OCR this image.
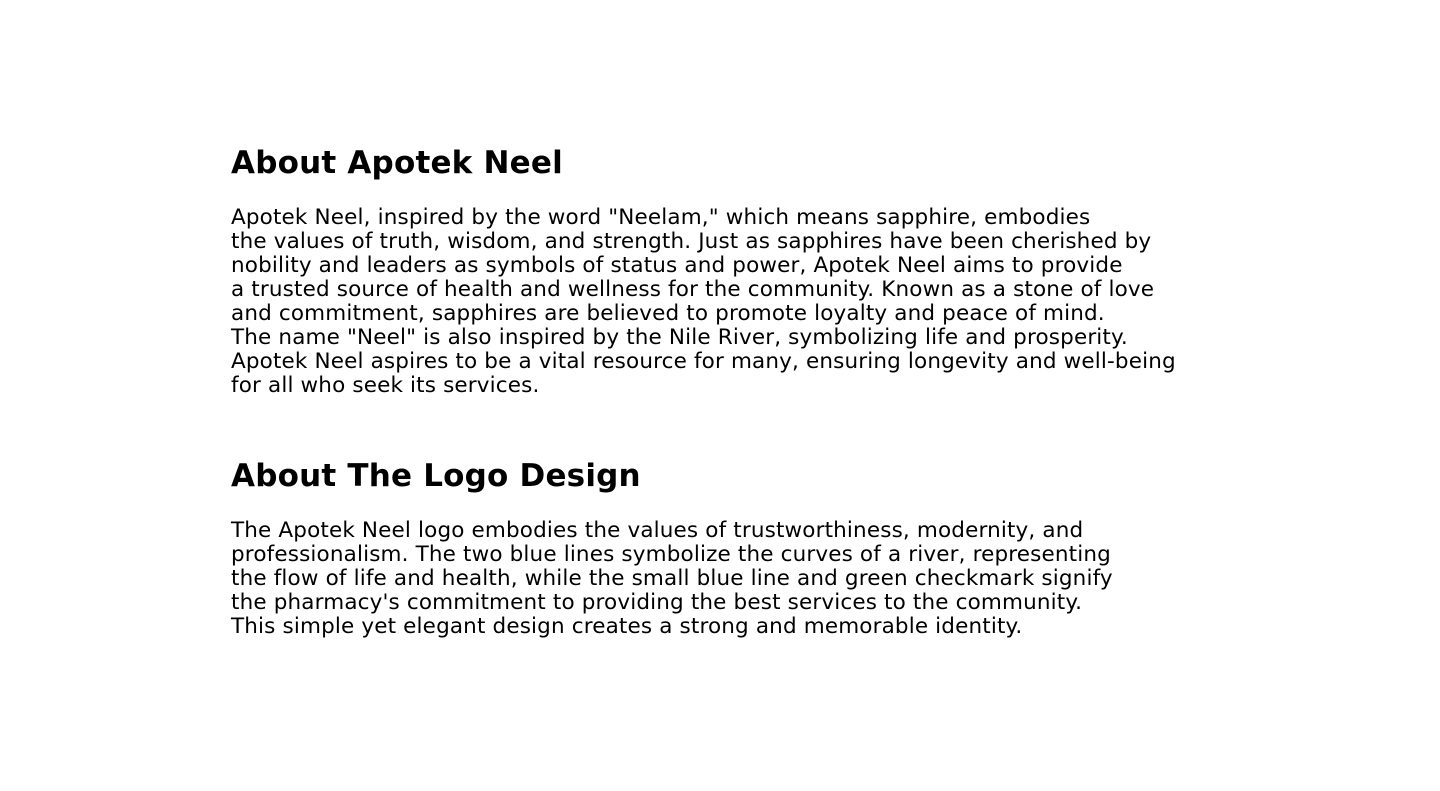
About Apotek Neel

Apotek Neel, inspired by the word "Neelam," which means sapphire, embodies
the values of truth, wisdom, and strength. Just as sapphires have been cherished by
nobility and leaders as symbols of status and power, Apotek Neel aims to provide
a trusted source of health and wellness for the community. Known as a stone of love
and commitment, sapphires are believed to promote loyalty and peace of mind.
The name "Neel" is also inspired by the Nile River, symbolizing life and prosperity.
Apotek Neel aspires to be a vital resource for many, ensuring longevity and well-being
for all who seek its services.

About The Logo Design

The Apotek Neel logo embodies the values of trustworthiness, modernity, and
professionalism. The two blue lines symbolize the curves of a river, representing
the flow of life and health, while the small blue line and green checkmark signify
the pharmacy's commitment to providing the best services to the community.
This simple yet elegant design creates a strong and memorable identity.
